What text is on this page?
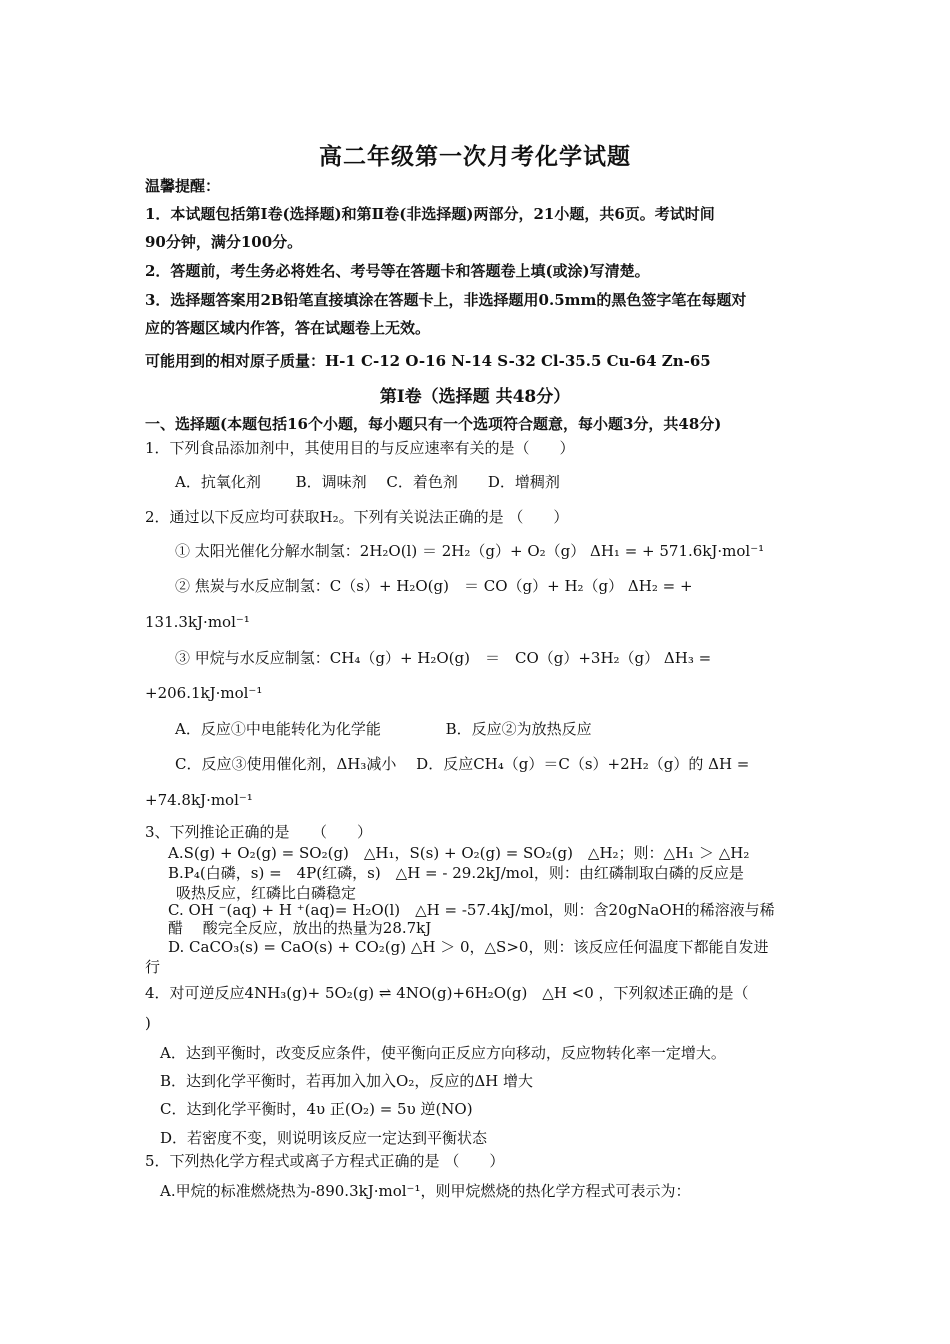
高二年级第一次月考化学试题
温馨提醒：
1．本试题包括第Ⅰ卷(选择题)和第Ⅱ卷(非选择题)两部分，21小题，共6页。考试时间
90分钟，满分100分。
2．答题前，考生务必将姓名、考号等在答题卡和答题卷上填(或涂)写清楚。
3．选择题答案用2B铅笔直接填涂在答题卡上，非选择题用0.5mm的黑色签字笔在每题对
应的答题区域内作答，答在试题卷上无效。
可能用到的相对原子质量：H-1 C-12 O-16 N-14 S-32 Cl-35.5 Cu-64 Zn-65
第Ⅰ卷（选择题 共48分）
一、选择题(本题包括16个小题，每小题只有一个选项符合题意，每小题3分，共48分)
1．下列食品添加剂中，其使用目的与反应速率有关的是（　　）
A．抗氧化剂　　 B．调味剂　 C．着色剂　　D．增稠剂
2．通过以下反应均可获取H₂。下列有关说法正确的是 （　　）
① 太阳光催化分解水制氢：2H₂O(l) ＝ 2H₂（g）+ O₂（g） ΔH₁ = + 571.6kJ·mol⁻¹
② 焦炭与水反应制氢：C（s）+ H₂O(g)　＝ CO（g）+ H₂（g） ΔH₂ = +
131.3kJ·mol⁻¹
③ 甲烷与水反应制氢：CH₄（g）+ H₂O(g)　＝　CO（g）+3H₂（g） ΔH₃ =
+206.1kJ·mol⁻¹
A．反应①中电能转化为化学能　　　　 B．反应②为放热反应
C．反应③使用催化剂，ΔH₃减小　 D．反应CH₄（g）＝C（s）+2H₂（g）的 ΔH =
+74.8kJ·mol⁻¹
3、下列推论正确的是　　（　　）
A.S(g) + O₂(g) = SO₂(g)　△H₁，S(s) + O₂(g) = SO₂(g)　△H₂；则：△H₁ ＞ △H₂
B.P₄(白磷，s) =　4P(红磷，s)　△H = - 29.2kJ/mol，则：由红磷制取白磷的反应是
吸热反应，红磷比白磷稳定
C. OH ⁻(aq) + H ⁺(aq)= H₂O(l)　△H = -57.4kJ/mol，则：含20gNaOH的稀溶液与稀
醋　 酸完全反应，放出的热量为28.7kJ
D. CaCO₃(s) = CaO(s) + CO₂(g) △H ＞ 0，△S>0，则：该反应任何温度下都能自发进
行
4．对可逆反应4NH₃(g)+ 5O₂(g) ⇌ 4NO(g)+6H₂O(g)　△H <0 ，下列叙述正确的是（
)
A．达到平衡时，改变反应条件，使平衡向正反应方向移动，反应物转化率一定增大。
B．达到化学平衡时，若再加入加入O₂，反应的ΔH 增大
C．达到化学平衡时，4υ 正(O₂) = 5υ 逆(NO)
D．若密度不变，则说明该反应一定达到平衡状态
5．下列热化学方程式或离子方程式正确的是 （　　）
A.甲烷的标准燃烧热为-890.3kJ·mol⁻¹，则甲烷燃烧的热化学方程式可表示为：
